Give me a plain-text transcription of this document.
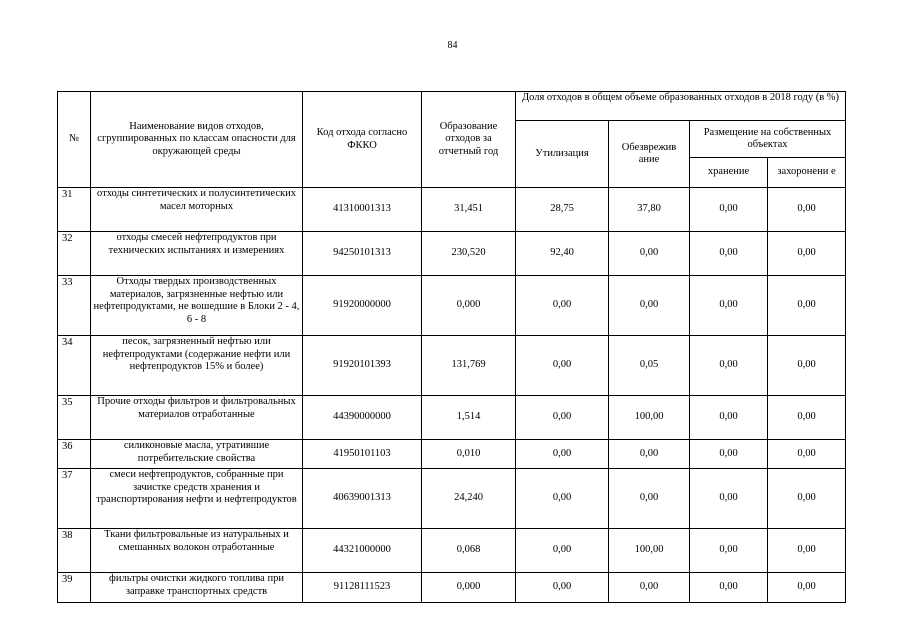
84
№	Наименование видов отходов, сгруппированных по классам опасности для окружающей среды	Код отхода согласно ФККО	Образование отходов за отчетный год	Доля отходов в общем объеме образованных отходов в 2018 году (в %)			
				Утилизация	Обезврежив ание	Размещение на собственных объектах	
						хранение	захоронени е
31	отходы синтетических и полусинтетических масел моторных	41310001313	31,451	28,75	37,80	0,00	0,00
32	отходы смесей нефтепродуктов при технических испытаниях и измерениях	94250101313	230,520	92,40	0,00	0,00	0,00
33	Отходы твердых производственных материалов, загрязненные нефтью или нефтепродуктами, не вошедшие в Блоки 2 - 4, 6 - 8	91920000000	0,000	0,00	0,00	0,00	0,00
34	песок, загрязненный нефтью или нефтепродуктами (содержание нефти или нефтепродуктов 15% и более)	91920101393	131,769	0,00	0,05	0,00	0,00
35	Прочие отходы фильтров и фильтровальных материалов отработанные	44390000000	1,514	0,00	100,00	0,00	0,00
36	силиконовые масла, утратившие потребительские свойства	41950101103	0,010	0,00	0,00	0,00	0,00
37	смеси нефтепродуктов, собранные при зачистке средств хранения и транспортирования нефти и нефтепродуктов	40639001313	24,240	0,00	0,00	0,00	0,00
38	Ткани фильтровальные из натуральных и смешанных волокон отработанные	44321000000	0,068	0,00	100,00	0,00	0,00
39	фильтры очистки жидкого топлива при заправке транспортных средств	91128111523	0,000	0,00	0,00	0,00	0,00
